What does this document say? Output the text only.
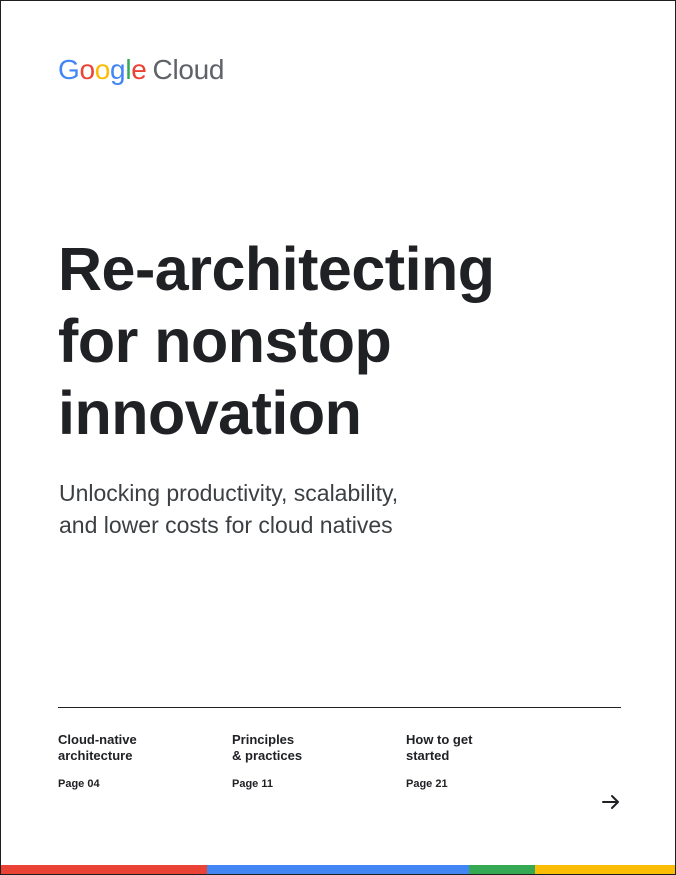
Google Cloud
Re-architecting
for nonstop
innovation

Unlocking productivity, scalability,
and lower costs for cloud natives

Cloud-native
architecture
Page 04
Principles
& practices
Page 11
How to get
started
Page 21
